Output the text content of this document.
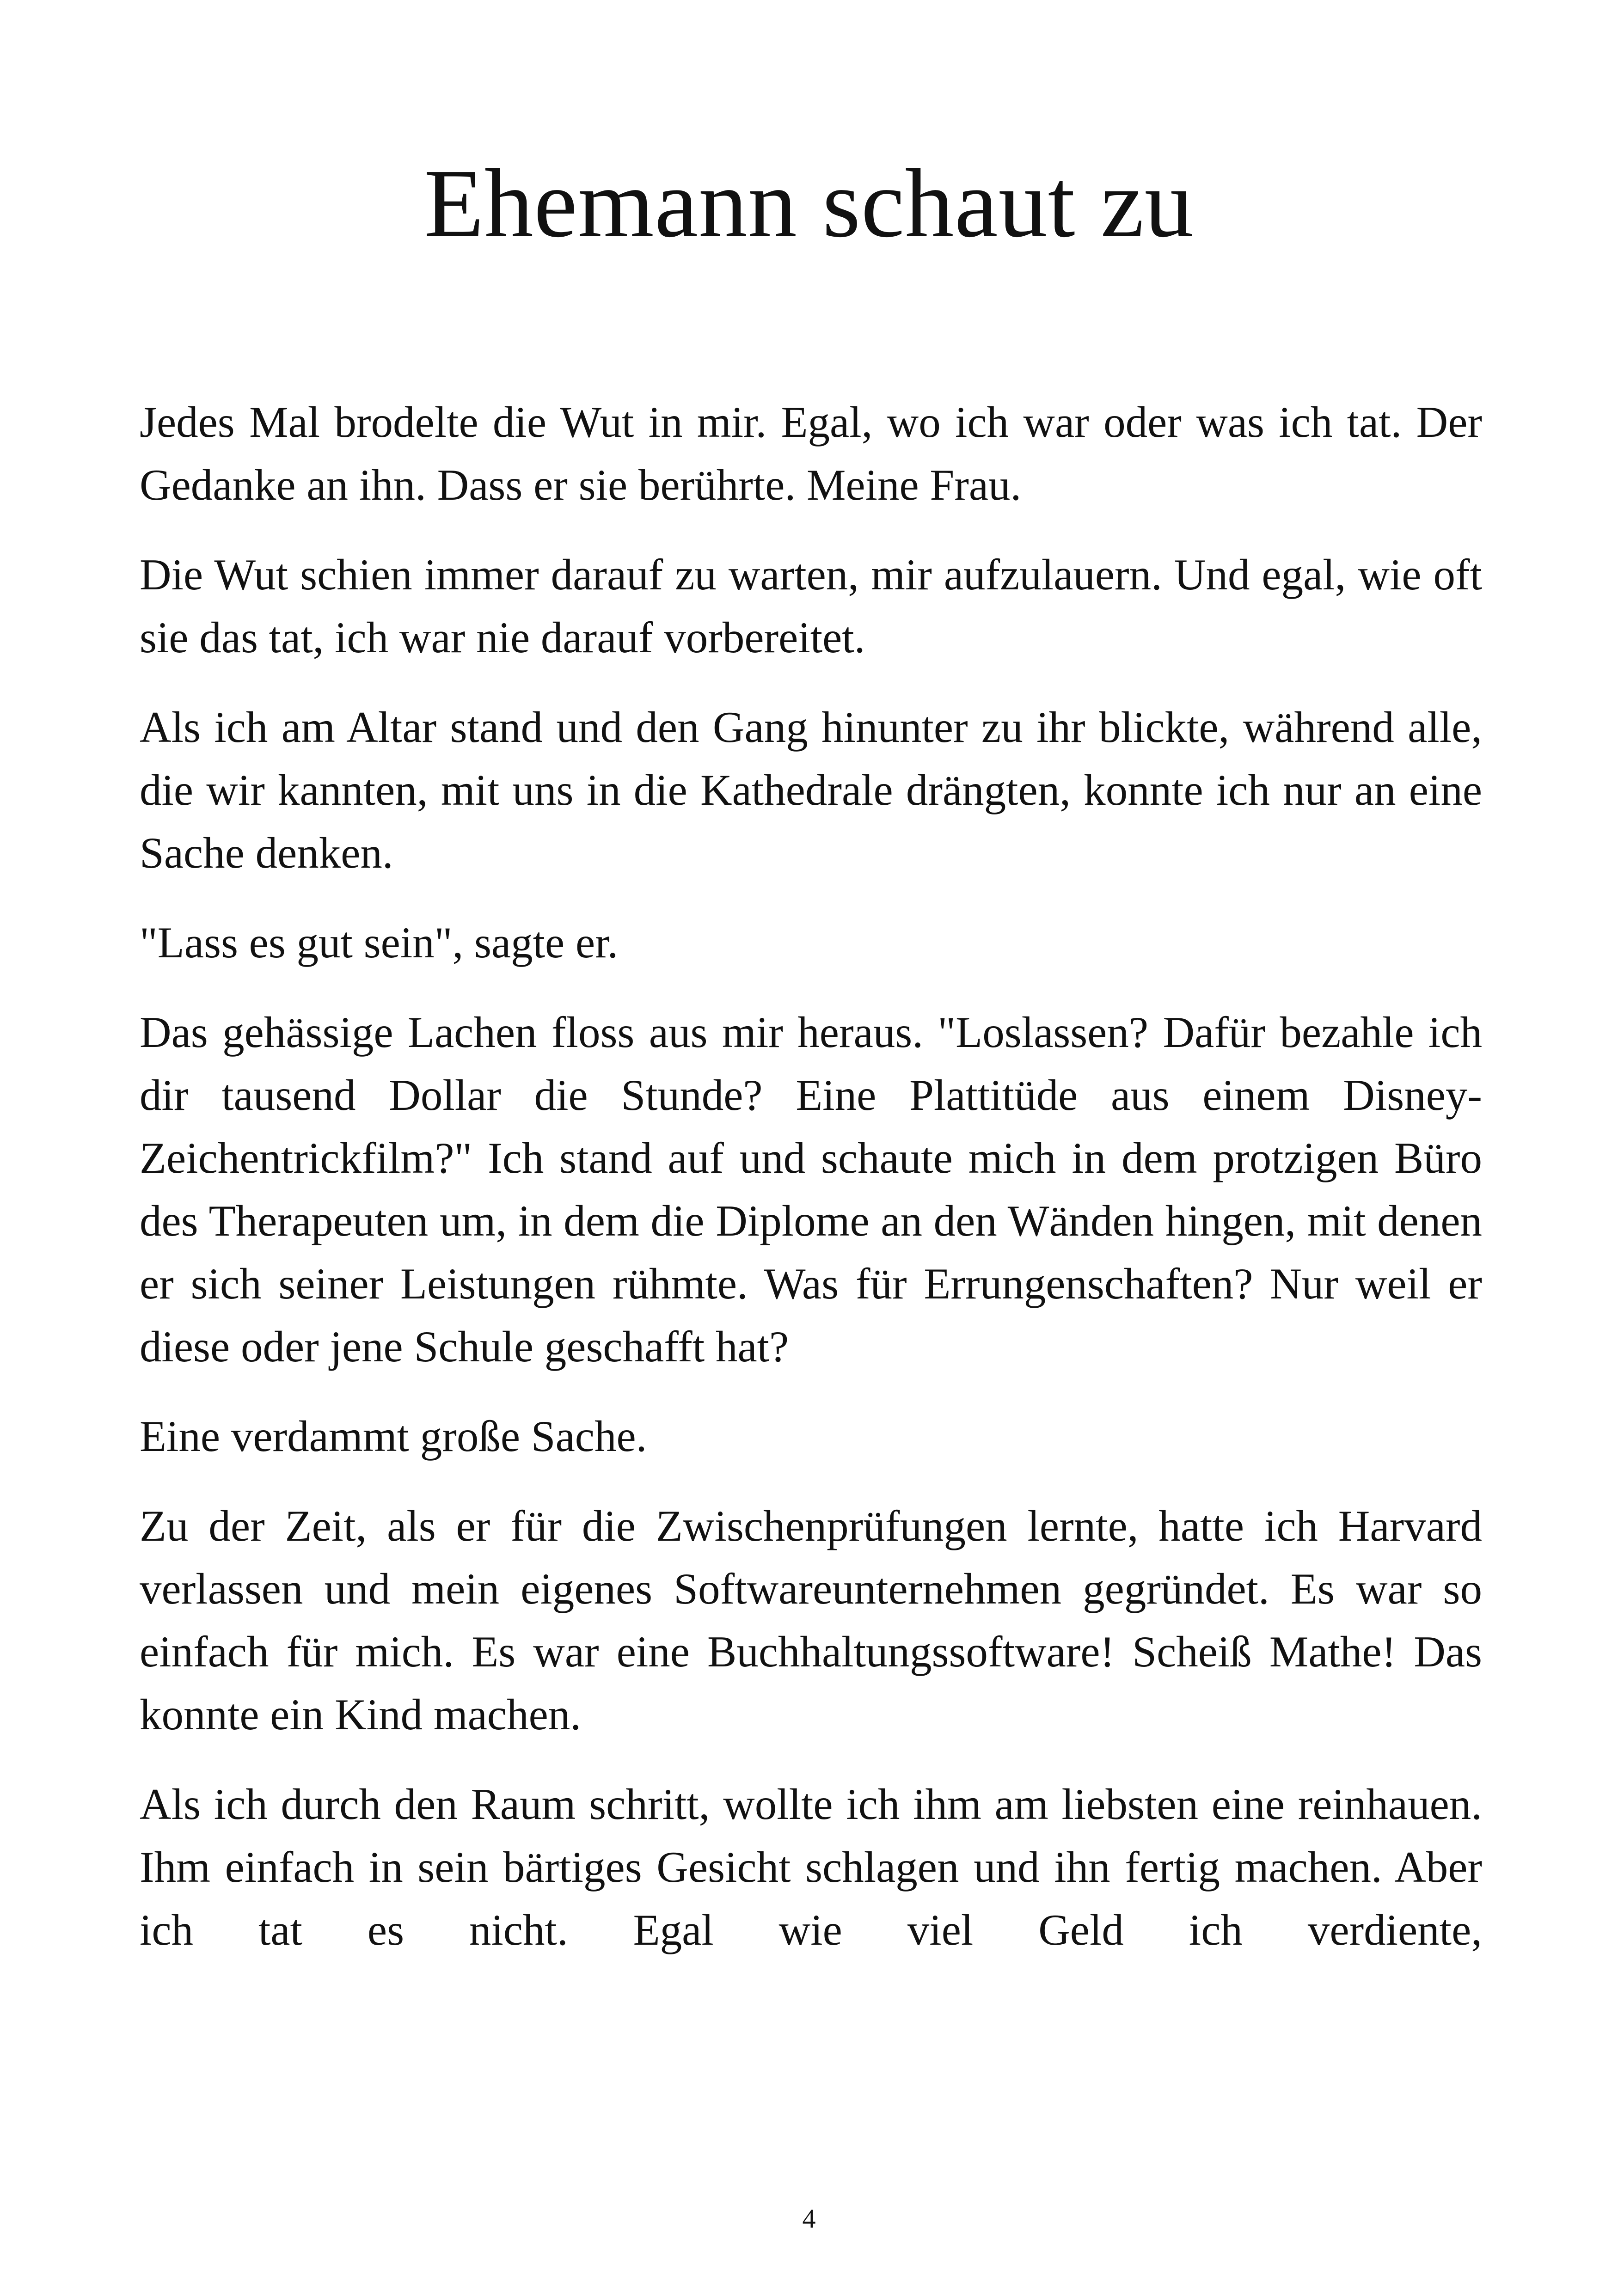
Ehemann schaut zu

Jedes Mal brodelte die Wut in mir. Egal, wo ich war oder was ich tat. Der Gedanke an ihn. Dass er sie berührte. Meine Frau.

Die Wut schien immer darauf zu warten, mir aufzulauern. Und egal, wie oft sie das tat, ich war nie darauf vorbereitet.

Als ich am Altar stand und den Gang hinunter zu ihr blickte, während alle, die wir kannten, mit uns in die Kathedrale drängten, konnte ich nur an eine Sache denken.

"Lass es gut sein", sagte er.

Das gehässige Lachen floss aus mir heraus. "Loslassen? Dafür bezahle ich dir tausend Dollar die Stunde? Eine Plattitüde aus einem Disney-Zeichentrickfilm?" Ich stand auf und schaute mich in dem protzigen Büro des Therapeuten um, in dem die Diplome an den Wänden hingen, mit denen er sich seiner Leistungen rühmte. Was für Errungenschaften? Nur weil er diese oder jene Schule geschafft hat?

Eine verdammt große Sache.

Zu der Zeit, als er für die Zwischenprüfungen lernte, hatte ich Harvard verlassen und mein eigenes Softwareunternehmen gegründet. Es war so einfach für mich. Es war eine Buchhaltungssoftware! Scheiß Mathe! Das konnte ein Kind machen.

Als ich durch den Raum schritt, wollte ich ihm am liebsten eine reinhauen. Ihm einfach in sein bärtiges Gesicht schlagen und ihn fertig machen. Aber ich tat es nicht. Egal wie viel Geld ich verdiente,

4
